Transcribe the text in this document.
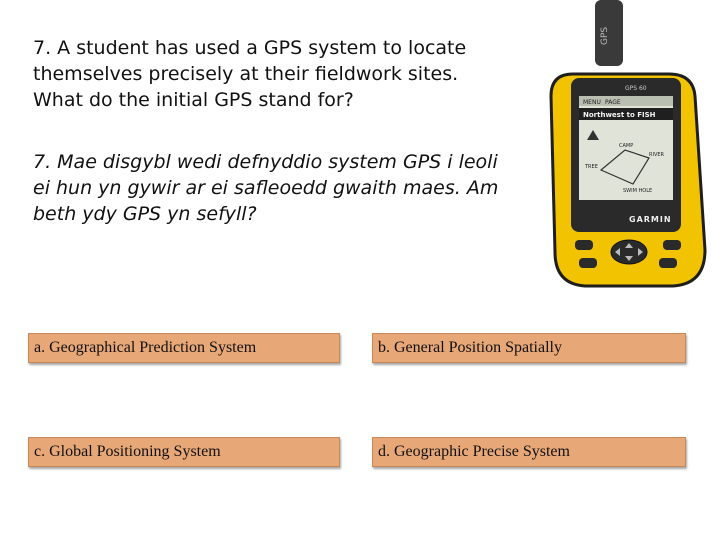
7. A student has used a GPS system to locate
themselves precisely at their fieldwork sites.
What do the initial GPS stand for?
7. Mae disgybl wedi defnyddio system GPS i leoli
ei hun yn gywir ar ei safleoedd gwaith maes. Am
beth ydy GPS yn sefyll?
GPS
GPS 60
MENU PAGE
Northwest to FISH
CAMP
TREE
RIVER
SWIM HOLE
GARMIN
a. Geographical Prediction System	b. General Position Spatially
c. Global Positioning System	d. Geographic Precise System
